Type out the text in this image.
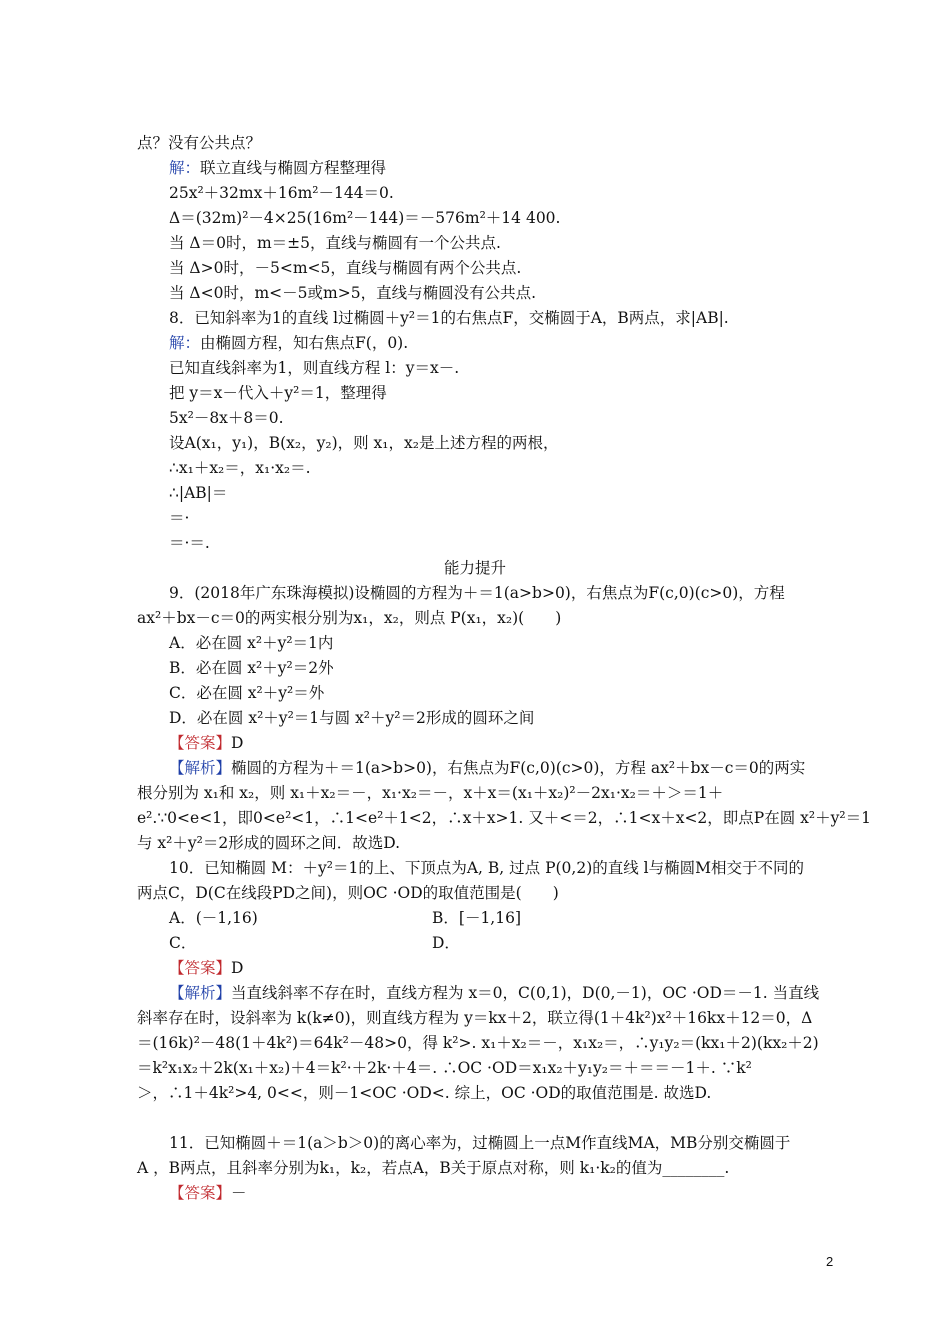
点？没有公共点？
解：联立直线与椭圆方程整理得
25x²＋32mx＋16m²－144＝0.
Δ＝(32m)²－4×25(16m²－144)＝－576m²＋14 400.
当 Δ＝0时，m＝±5，直线与椭圆有一个公共点.
当 Δ>0时，－5<m<5，直线与椭圆有两个公共点.
当 Δ<0时，m<－5或m>5，直线与椭圆没有公共点.
8．已知斜率为1的直线 l过椭圆＋y²＝1的右焦点F，交椭圆于A，B两点，求|AB|.
解：由椭圆方程，知右焦点F(，0).
已知直线斜率为1，则直线方程 l：y＝x－.
把 y＝x－代入＋y²＝1，整理得
5x²－8x＋8＝0.
设A(x₁，y₁)，B(x₂，y₂)，则 x₁，x₂是上述方程的两根，
∴x₁＋x₂＝，x₁·x₂＝.
∴|AB|＝
＝·
＝·＝.
能力提升
9．(2018年广东珠海模拟)设椭圆的方程为＋＝1(a>b>0)，右焦点为F(c,0)(c>0)，方程
ax²＋bx－c＝0的两实根分别为x₁，x₂，则点 P(x₁，x₂)(　　)
A．必在圆 x²＋y²＝1内
B．必在圆 x²＋y²＝2外
C．必在圆 x²＋y²＝外
D．必在圆 x²＋y²＝1与圆 x²＋y²＝2形成的圆环之间
【答案】D
【解析】椭圆的方程为＋＝1(a>b>0)，右焦点为F(c,0)(c>0)，方程 ax²＋bx－c＝0的两实
根分别为 x₁和 x₂，则 x₁＋x₂＝－，x₁·x₂＝－，x＋x＝(x₁＋x₂)²－2x₁·x₂＝＋＞＝1＋
e².∵0<e<1，即0<e²<1，∴1<e²＋1<2，∴x＋x>1. 又＋<＝2，∴1<x＋x<2，即点P在圆 x²＋y²＝1
与 x²＋y²＝2形成的圆环之间．故选D.
10．已知椭圆 M：＋y²＝1的上、下顶点为A, B, 过点 P(0,2)的直线 l与椭圆M相交于不同的
两点C，D(C在线段PD之间)，则OC ·OD的取值范围是(　　)
A．(－1,16)	B．[－1,16]
C．	D．
【答案】D
【解析】当直线斜率不存在时，直线方程为 x＝0，C(0,1)，D(0,－1)，OC ·OD＝－1. 当直线
斜率存在时，设斜率为 k(k≠0)，则直线方程为 y＝kx＋2，联立得(1＋4k²)x²＋16kx＋12＝0，Δ
＝(16k)²－48(1＋4k²)＝64k²－48>0，得 k²>. x₁＋x₂＝－，x₁x₂＝，∴y₁y₂＝(kx₁＋2)(kx₂＋2)
＝k²x₁x₂＋2k(x₁＋x₂)＋4＝k²·＋2k·＋4＝. ∴OC ·OD＝x₁x₂＋y₁y₂＝＋＝＝－1＋. ∵k²
＞，∴1＋4k²>4, 0<<，则－1<OC ·OD<. 综上，OC ·OD的取值范围是. 故选D.
11．已知椭圆＋＝1(a＞b＞0)的离心率为，过椭圆上一点M作直线MA，MB分别交椭圆于
A ，B两点，且斜率分别为k₁，k₂，若点A，B关于原点对称，则 k₁·k₂的值为________.
【答案】－
2
